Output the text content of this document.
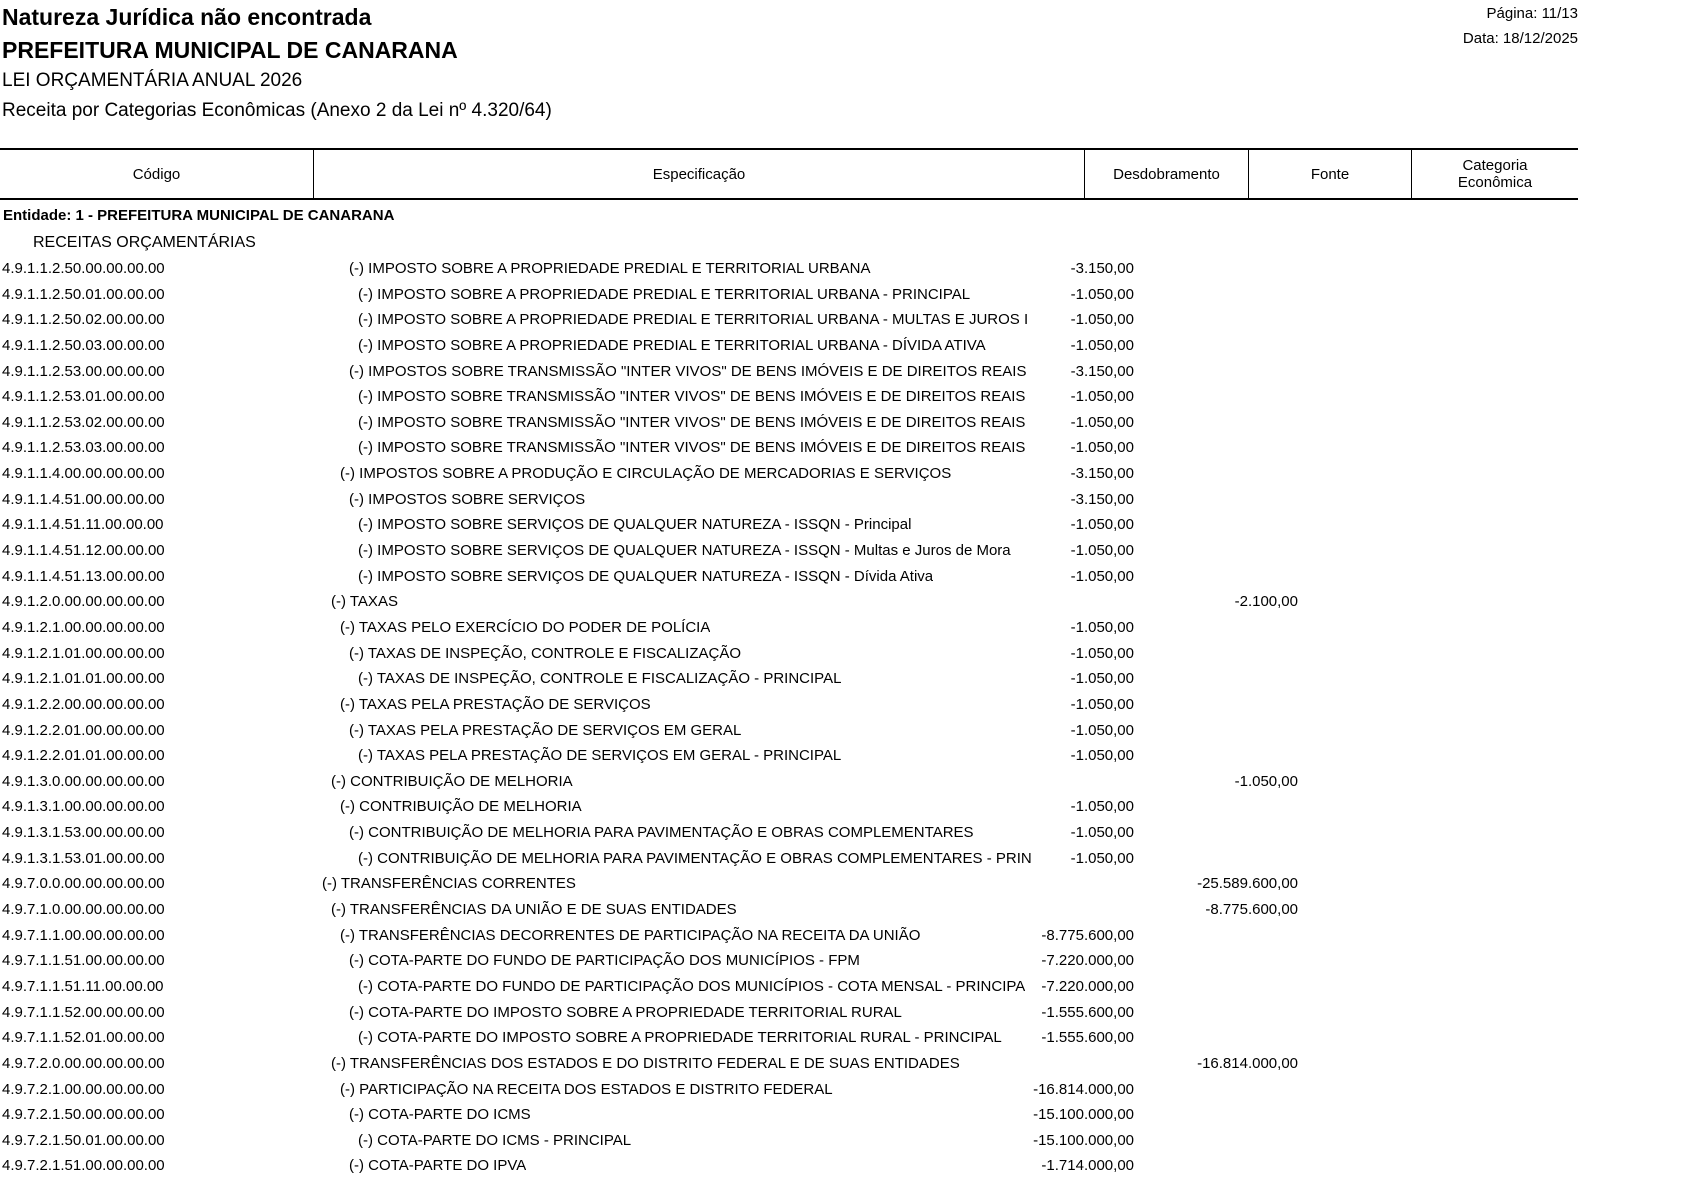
Natureza Jurídica não encontrada
PREFEITURA MUNICIPAL DE CANARANA
LEI ORÇAMENTÁRIA ANUAL 2026
Receita por Categorias Econômicas (Anexo 2 da Lei nº 4.320/64)
Página: 11/13
Data: 18/12/2025
Código	Especificação	Desdobramento	Fonte	Categoria
Econômica
Entidade: 1 - PREFEITURA MUNICIPAL DE CANARANA
RECEITAS ORÇAMENTÁRIAS
4.9.1.1.2.50.00.00.00.00	(-) IMPOSTO SOBRE A PROPRIEDADE PREDIAL E TERRITORIAL URBANA	-3.150,00
4.9.1.1.2.50.01.00.00.00	(-) IMPOSTO SOBRE A PROPRIEDADE PREDIAL E TERRITORIAL URBANA - PRINCIPAL	-1.050,00
4.9.1.1.2.50.02.00.00.00	(-) IMPOSTO SOBRE A PROPRIEDADE PREDIAL E TERRITORIAL URBANA - MULTAS E JUROS I	-1.050,00
4.9.1.1.2.50.03.00.00.00	(-) IMPOSTO SOBRE A PROPRIEDADE PREDIAL E TERRITORIAL URBANA - DÍVIDA ATIVA	-1.050,00
4.9.1.1.2.53.00.00.00.00	(-) IMPOSTOS SOBRE TRANSMISSÃO "INTER VIVOS" DE BENS IMÓVEIS E DE DIREITOS REAIS	-3.150,00
4.9.1.1.2.53.01.00.00.00	(-) IMPOSTO SOBRE TRANSMISSÃO "INTER VIVOS" DE BENS IMÓVEIS E DE DIREITOS REAIS	-1.050,00
4.9.1.1.2.53.02.00.00.00	(-) IMPOSTO SOBRE TRANSMISSÃO "INTER VIVOS" DE BENS IMÓVEIS E DE DIREITOS REAIS	-1.050,00
4.9.1.1.2.53.03.00.00.00	(-) IMPOSTO SOBRE TRANSMISSÃO "INTER VIVOS" DE BENS IMÓVEIS E DE DIREITOS REAIS	-1.050,00
4.9.1.1.4.00.00.00.00.00	(-) IMPOSTOS SOBRE A PRODUÇÃO E CIRCULAÇÃO DE MERCADORIAS E SERVIÇOS	-3.150,00
4.9.1.1.4.51.00.00.00.00	(-) IMPOSTOS SOBRE SERVIÇOS	-3.150,00
4.9.1.1.4.51.11.00.00.00	(-) IMPOSTO SOBRE SERVIÇOS DE QUALQUER NATUREZA - ISSQN - Principal	-1.050,00
4.9.1.1.4.51.12.00.00.00	(-) IMPOSTO SOBRE SERVIÇOS DE QUALQUER NATUREZA - ISSQN - Multas e Juros de Mora	-1.050,00
4.9.1.1.4.51.13.00.00.00	(-) IMPOSTO SOBRE SERVIÇOS DE QUALQUER NATUREZA - ISSQN - Dívida Ativa	-1.050,00
4.9.1.2.0.00.00.00.00.00	(-) TAXAS	-2.100,00
4.9.1.2.1.00.00.00.00.00	(-) TAXAS PELO EXERCÍCIO DO PODER DE POLÍCIA	-1.050,00
4.9.1.2.1.01.00.00.00.00	(-) TAXAS DE INSPEÇÃO, CONTROLE E FISCALIZAÇÃO	-1.050,00
4.9.1.2.1.01.01.00.00.00	(-) TAXAS DE INSPEÇÃO, CONTROLE E FISCALIZAÇÃO - PRINCIPAL	-1.050,00
4.9.1.2.2.00.00.00.00.00	(-) TAXAS PELA PRESTAÇÃO DE SERVIÇOS	-1.050,00
4.9.1.2.2.01.00.00.00.00	(-) TAXAS PELA PRESTAÇÃO DE SERVIÇOS EM GERAL	-1.050,00
4.9.1.2.2.01.01.00.00.00	(-) TAXAS PELA PRESTAÇÃO DE SERVIÇOS EM GERAL - PRINCIPAL	-1.050,00
4.9.1.3.0.00.00.00.00.00	(-) CONTRIBUIÇÃO DE MELHORIA	-1.050,00
4.9.1.3.1.00.00.00.00.00	(-) CONTRIBUIÇÃO DE MELHORIA	-1.050,00
4.9.1.3.1.53.00.00.00.00	(-) CONTRIBUIÇÃO DE MELHORIA PARA PAVIMENTAÇÃO E OBRAS COMPLEMENTARES	-1.050,00
4.9.1.3.1.53.01.00.00.00	(-) CONTRIBUIÇÃO DE MELHORIA PARA PAVIMENTAÇÃO E OBRAS COMPLEMENTARES - PRIN	-1.050,00
4.9.7.0.0.00.00.00.00.00	(-) TRANSFERÊNCIAS CORRENTES	-25.589.600,00
4.9.7.1.0.00.00.00.00.00	(-) TRANSFERÊNCIAS DA UNIÃO E DE SUAS ENTIDADES	-8.775.600,00
4.9.7.1.1.00.00.00.00.00	(-) TRANSFERÊNCIAS DECORRENTES DE PARTICIPAÇÃO NA RECEITA DA UNIÃO	-8.775.600,00
4.9.7.1.1.51.00.00.00.00	(-) COTA-PARTE DO FUNDO DE PARTICIPAÇÃO DOS MUNICÍPIOS - FPM	-7.220.000,00
4.9.7.1.1.51.11.00.00.00	(-) COTA-PARTE DO FUNDO DE PARTICIPAÇÃO DOS MUNICÍPIOS - COTA MENSAL - PRINCIPA -7.220.000,00
4.9.7.1.1.52.00.00.00.00	(-) COTA-PARTE DO IMPOSTO SOBRE A PROPRIEDADE TERRITORIAL RURAL	-1.555.600,00
4.9.7.1.1.52.01.00.00.00	(-) COTA-PARTE DO IMPOSTO SOBRE A PROPRIEDADE TERRITORIAL RURAL - PRINCIPAL	-1.555.600,00
4.9.7.2.0.00.00.00.00.00	(-) TRANSFERÊNCIAS DOS ESTADOS E DO DISTRITO FEDERAL E DE SUAS ENTIDADES	-16.814.000,00
4.9.7.2.1.00.00.00.00.00	(-) PARTICIPAÇÃO NA RECEITA DOS ESTADOS E DISTRITO FEDERAL	-16.814.000,00
4.9.7.2.1.50.00.00.00.00	(-) COTA-PARTE DO ICMS	-15.100.000,00
4.9.7.2.1.50.01.00.00.00	(-) COTA-PARTE DO ICMS - PRINCIPAL	-15.100.000,00
4.9.7.2.1.51.00.00.00.00	(-) COTA-PARTE DO IPVA	-1.714.000,00
